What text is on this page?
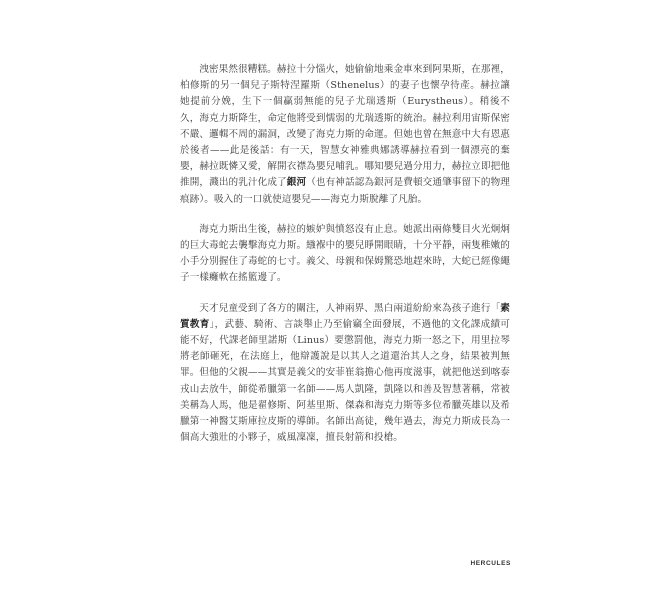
洩密果然很糟糕。赫拉十分惱火，她偷偷地乘金車來到阿果斯，在那裡，柏修斯的另一個兒子斯特涅羅斯（Sthenelus）的妻子也懷孕待產。赫拉讓她提前分娩，生下一個贏弱無能的兒子尤瑞透斯（Eurystheus）。稍後不久，海克力斯降生，命定他將受到懦弱的尤瑞透斯的統治。赫拉利用宙斯保密不嚴、邏輯不周的漏洞，改變了海克力斯的命運。但她也曾在無意中大有恩惠於後者——此是後話：有一天，智慧女神雅典娜誘導赫拉看到一個漂亮的棄嬰，赫拉既憐又愛，解開衣襟為嬰兒哺乳。哪知嬰兒過分用力，赫拉立即把他推開，濺出的乳汁化成了銀河（也有神話認為銀河是費頓交通肇事留下的物理痕跡）。吸入的一口就使這嬰兒——海克力斯脫離了凡胎。

海克力斯出生後，赫拉的嫉妒與憤怒沒有止息。她派出兩條雙目火光炯炯的巨大毒蛇去襲擊海克力斯。繈褓中的嬰兒睜開眼睛，十分平靜，兩隻稚嫩的小手分別握住了毒蛇的七寸。義父、母親和保姆驚恐地趕來時，大蛇已經像繩子一樣癱軟在搖籃邊了。

天才兒童受到了各方的關注，人神兩界、黑白兩道紛紛來為孩子進行「素質教育」，武藝、騎術、言談舉止乃至偷竊全面發展，不過他的文化課成績可能不好，代課老師里諾斯（Linus）要懲罰他，海克力斯一怒之下，用里拉琴將老師砸死，在法庭上，他辯護說是以其人之道還治其人之身，結果被判無罪。但他的父親——其實是義父的安菲崔翁擔心他再度滋事，就把他送到喀泰戎山去放牛，師從希臘第一名師——馬人凱隆，凱隆以和善及智慧著稱，常被美稱為人馬，他是翟修斯、阿基里斯、傑森和海克力斯等多位希臘英雄以及希臘第一神醫艾斯庫拉皮斯的導師。名師出高徒，幾年過去，海克力斯成長為一個高大強壯的小夥子，威風凜凜，擅長射箭和投槍。

HERCULES
